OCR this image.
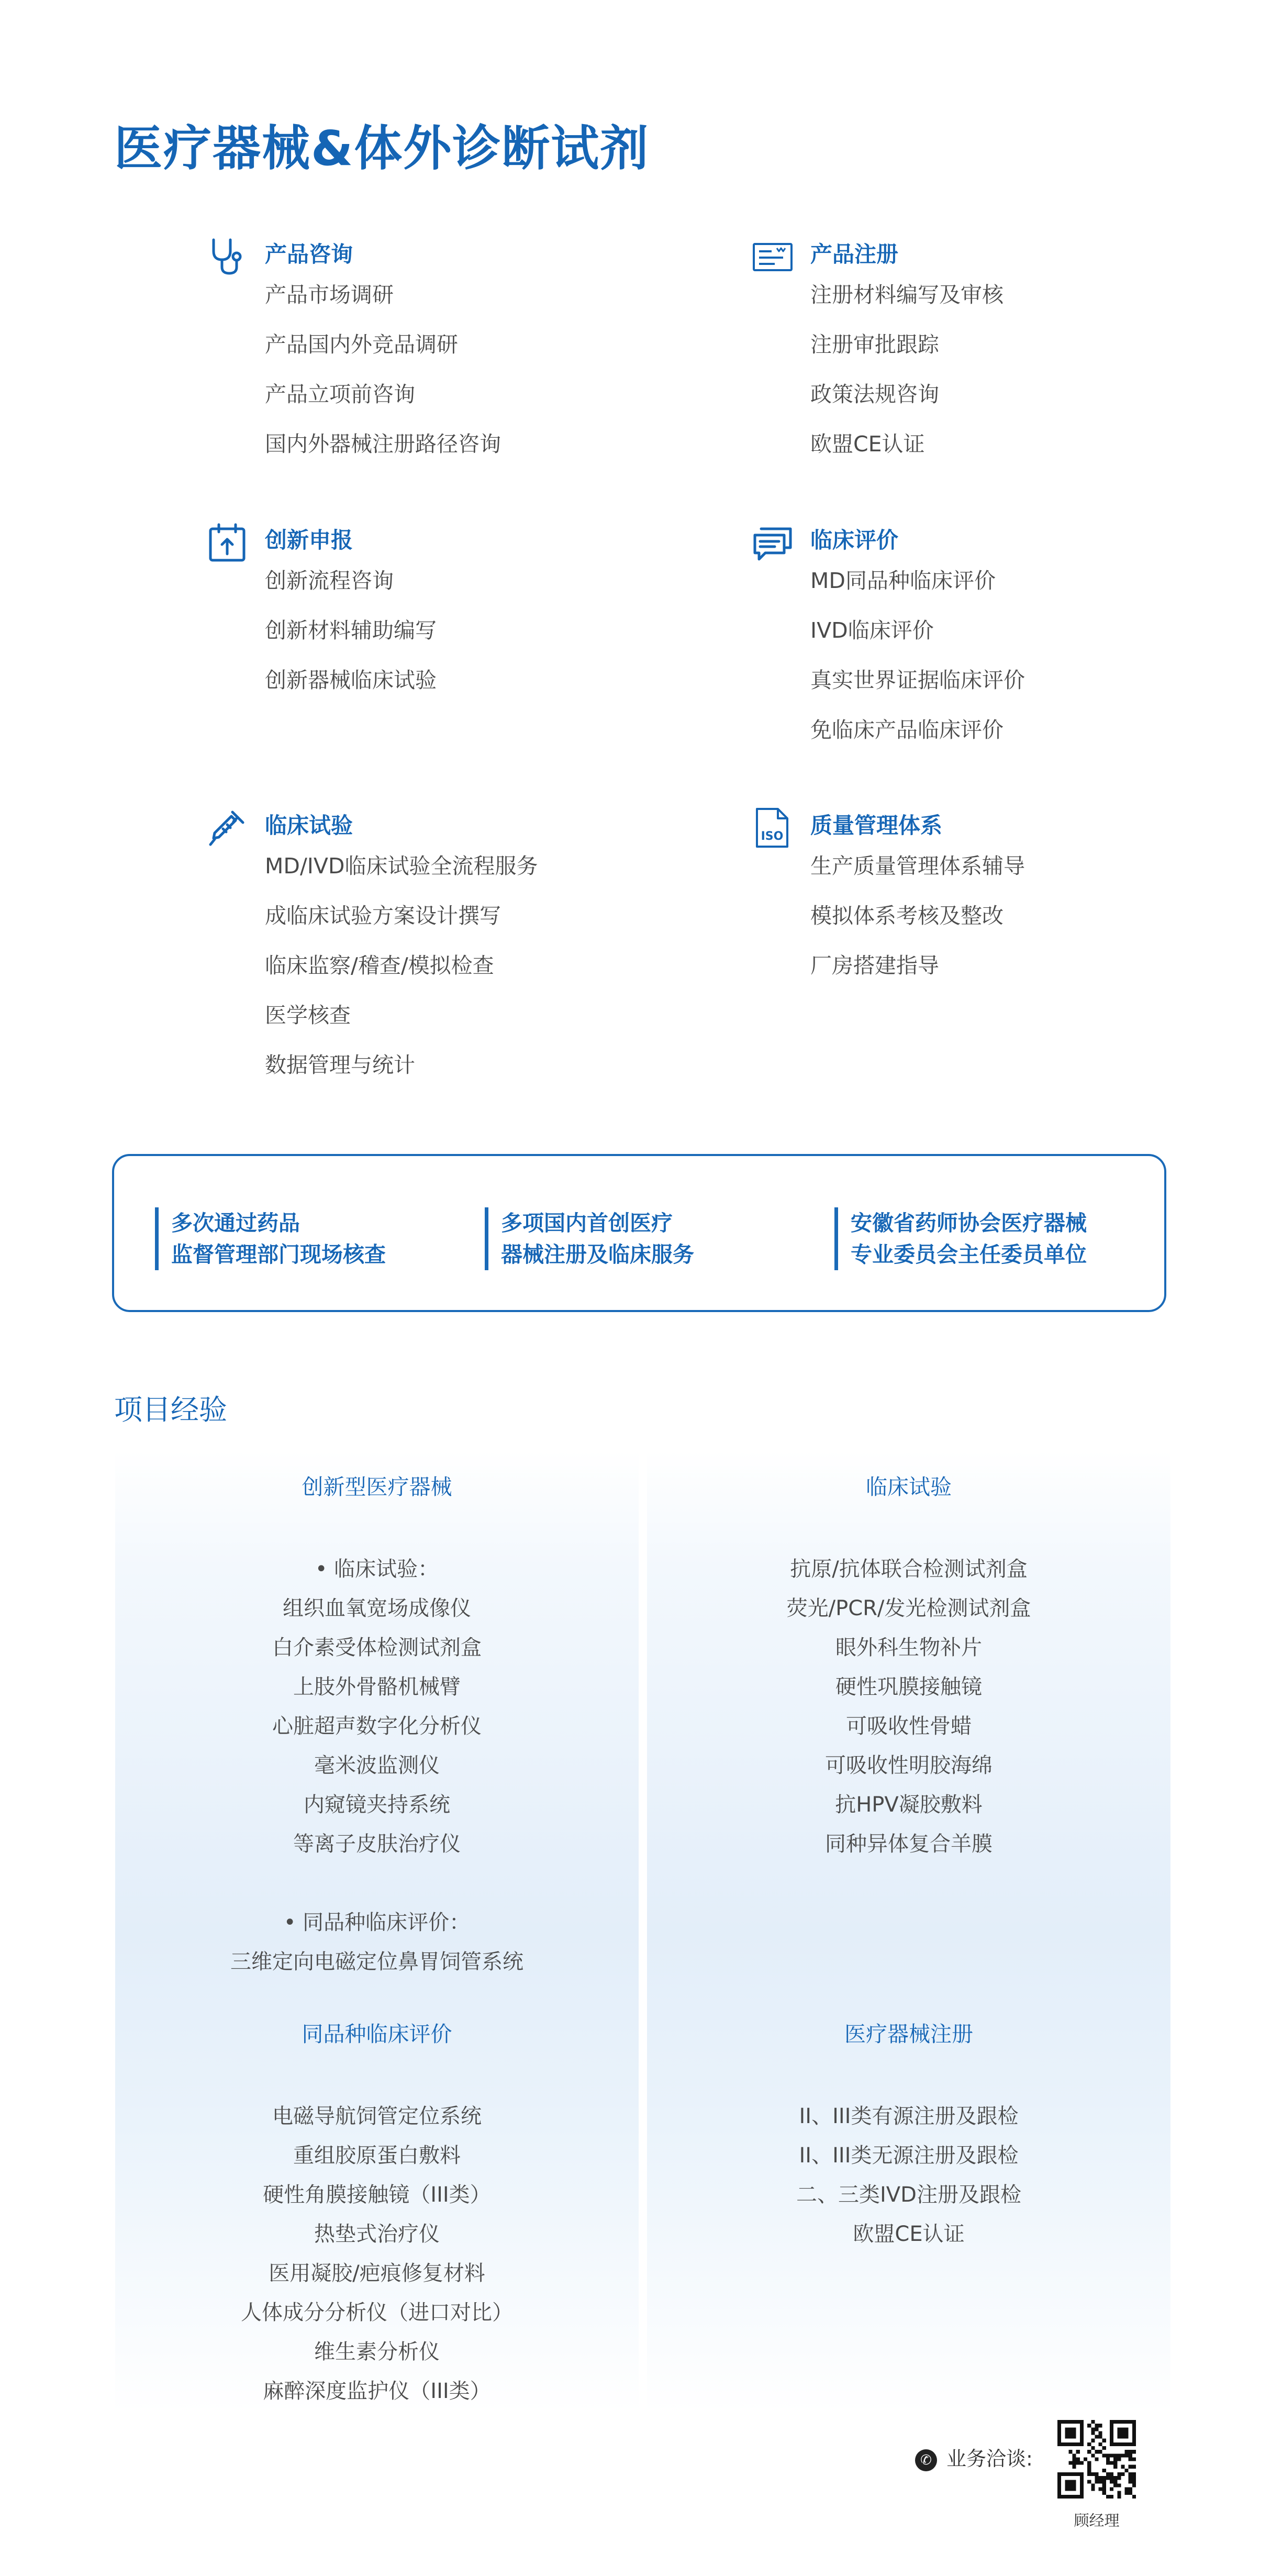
医疗器械&体外诊断试剂
产品咨询
产品市场调研
产品国内外竞品调研
产品立项前咨询
国内外器械注册路径咨询
产品注册
注册材料编写及审核
注册审批跟踪
政策法规咨询
欧盟CE认证
创新申报
创新流程咨询
创新材料辅助编写
创新器械临床试验
临床评价
MD同品种临床评价
IVD临床评价
真实世界证据临床评价
免临床产品临床评价
临床试验
MD/IVD临床试验全流程服务
成临床试验方案设计撰写
临床监察/稽查/模拟检查
医学核查
数据管理与统计
ISO 质量管理体系
生产质量管理体系辅导
模拟体系考核及整改
厂房搭建指导
多次通过药品
监督管理部门现场核查
多项国内首创医疗
器械注册及临床服务
安徽省药师协会医疗器械
专业委员会主任委员单位
项目经验
创新型医疗器械
• 临床试验：
组织血氧宽场成像仪
白介素受体检测试剂盒
上肢外骨骼机械臂
心脏超声数字化分析仪
毫米波监测仪
内窥镜夹持系统
等离子皮肤治疗仪
• 同品种临床评价：
三维定向电磁定位鼻胃饲管系统
临床试验
抗原/抗体联合检测试剂盒
荧光/PCR/发光检测试剂盒
眼外科生物补片
硬性巩膜接触镜
可吸收性骨蜡
可吸收性明胶海绵
抗HPV凝胶敷料
同种异体复合羊膜
同品种临床评价
电磁导航饲管定位系统
重组胶原蛋白敷料
硬性角膜接触镜（III类）
热垫式治疗仪
医用凝胶/疤痕修复材料
人体成分分析仪（进口对比）
维生素分析仪
麻醉深度监护仪（III类）
医疗器械注册
II、III类有源注册及跟检
II、III类无源注册及跟检
二、三类IVD注册及跟检
欧盟CE认证
✆ 业务洽谈:
顾经理
